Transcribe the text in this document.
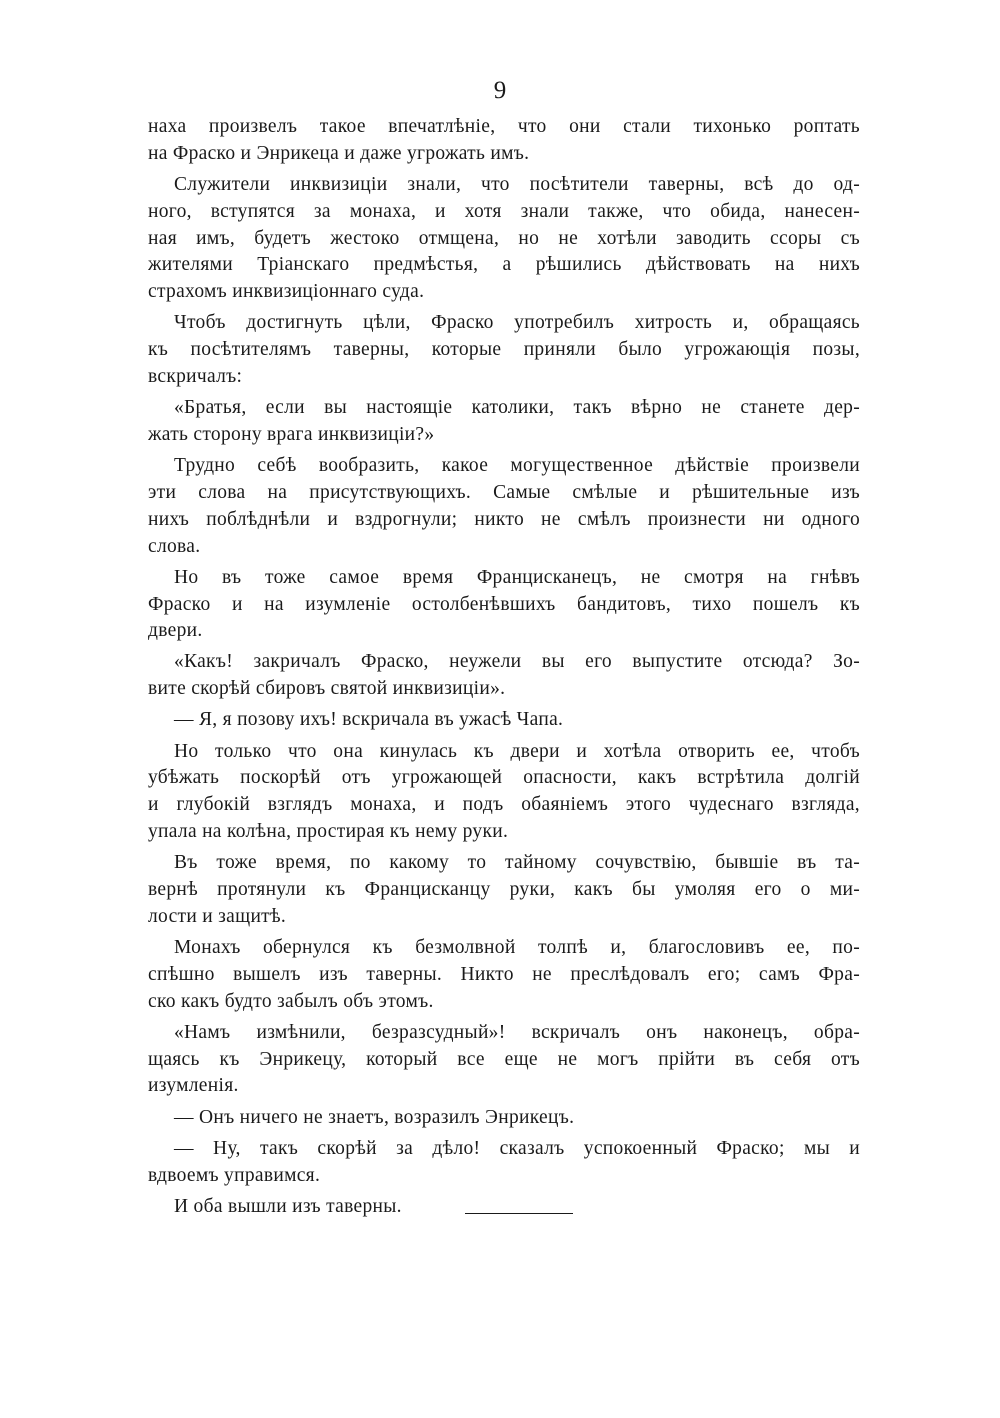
9
наха произвелъ такое впечатлѣніе, что они стали тихонько роптать
на Фраско и Энрикеца и даже угрожать имъ.
Служители инквизиціи знали, что посѣтители таверны, всѣ до од-
ного, вступятся за монаха, и хотя знали также, что обида, нанесен-
ная имъ, будетъ жестоко отмщена, но не хотѣли заводить ссоры съ
жителями Тріанскаго предмѣстья, а рѣшились дѣйствовать на нихъ
страхомъ инквизиціоннаго суда.
Чтобъ достигнуть цѣли, Фраско употребилъ хитрость и, обращаясь
къ посѣтителямъ таверны, которые приняли было угрожающія позы,
вскричалъ:
«Братья, если вы настоящіе католики, такъ вѣрно не станете дер-
жать сторону врага инквизиціи?»
Трудно себѣ вообразить, какое могущественное дѣйствіе произвели
эти слова на присутствующихъ. Самые смѣлые и рѣшительные изъ
нихъ поблѣднѣли и вздрогнули; никто не смѣлъ произнести ни одного
слова.
Но въ тоже самое время Францисканецъ, не смотря на гнѣвъ
Фраско и на изумленіе остолбенѣвшихъ бандитовъ, тихо пошелъ къ
двери.
«Какъ! закричалъ Фраско, неужели вы его выпустите отсюда? Зо-
вите скорѣй сбировъ святой инквизиціи».
— Я, я позову ихъ! вскричала въ ужасѣ Чапа.
Но только что она кинулась къ двери и хотѣла отворить ее, чтобъ
убѣжать поскорѣй отъ угрожающей опасности, какъ встрѣтила долгій
и глубокій взглядъ монаха, и подъ обаяніемъ этого чудеснаго взгляда,
упала на колѣна, простирая къ нему руки.
Въ тоже время, по какому то тайному сочувствію, бывшіе въ та-
вернѣ протянули къ Францисканцу руки, какъ бы умоляя его о ми-
лости и защитѣ.
Монахъ обернулся къ безмолвной толпѣ и, благословивъ ее, по-
спѣшно вышелъ изъ таверны. Никто не преслѣдовалъ его; самъ Фра-
ско какъ будто забылъ объ этомъ.
«Намъ измѣнили, безразсудный»! вскричалъ онъ наконецъ, обра-
щаясь къ Энрикецу, который все еще не могъ прійти въ себя отъ
изумленія.
— Онъ ничего не знаетъ, возразилъ Энрикецъ.
— Ну, такъ скорѣй за дѣло! сказалъ успокоенный Фраско; мы и
вдвоемъ управимся.
И оба вышли изъ таверны.
